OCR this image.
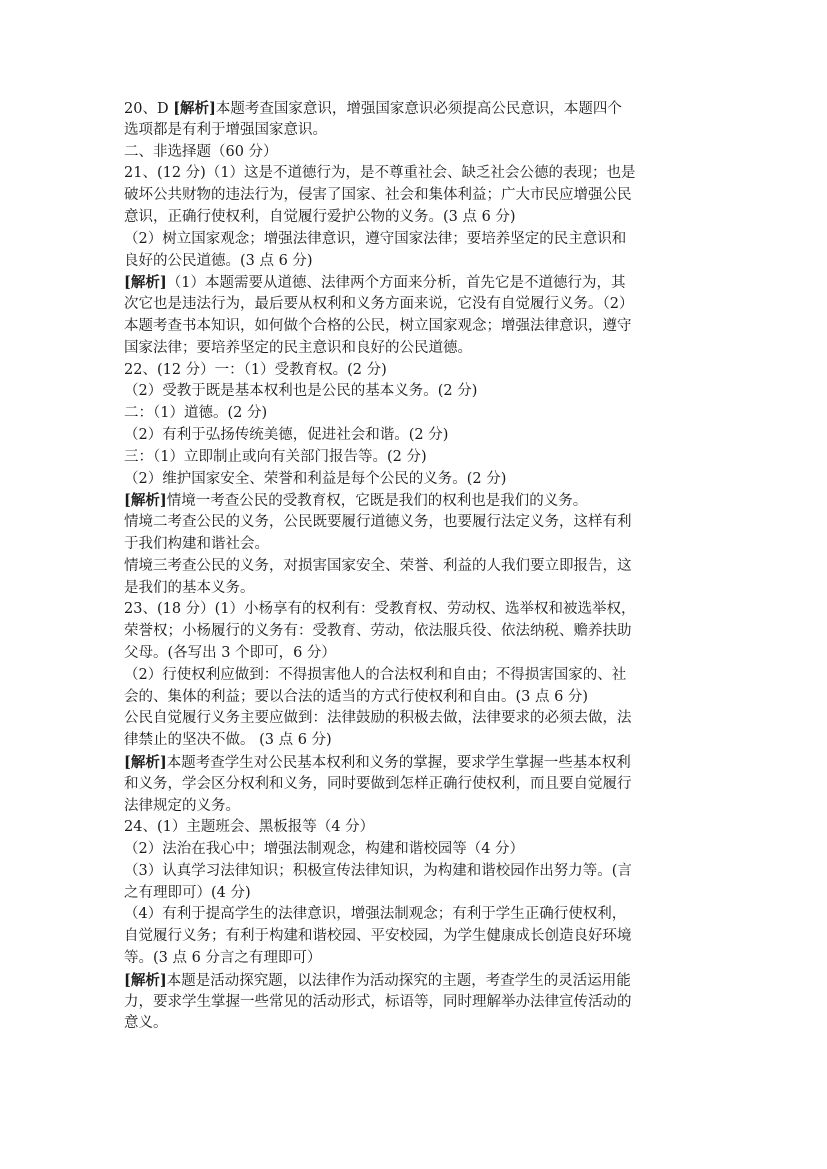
20、D [解析]本题考查国家意识，增强国家意识必须提高公民意识，本题四个
选项都是有利于增强国家意识。
二、非选择题（60 分）
21、(12 分)（1）这是不道德行为，是不尊重社会、缺乏社会公德的表现；也是
破坏公共财物的违法行为，侵害了国家、社会和集体利益；广大市民应增强公民
意识，正确行使权利，自觉履行爱护公物的义务。(3 点 6 分)
（2）树立国家观念；增强法律意识，遵守国家法律；要培养坚定的民主意识和
良好的公民道德。(3 点 6 分)
[解析]（1）本题需要从道德、法律两个方面来分析，首先它是不道德行为，其
次它也是违法行为，最后要从权利和义务方面来说，它没有自觉履行义务。（2）
本题考查书本知识，如何做个合格的公民，树立国家观念；增强法律意识，遵守
国家法律；要培养坚定的民主意识和良好的公民道德。
22、(12 分）一：（1）受教育权。(2 分)
（2）受教于既是基本权利也是公民的基本义务。(2 分)
二：（1）道德。(2 分)
（2）有利于弘扬传统美德，促进社会和谐。(2 分)
三：（1）立即制止或向有关部门报告等。(2 分)
（2）维护国家安全、荣誉和利益是每个公民的义务。(2 分)
[解析]情境一考查公民的受教育权，它既是我们的权利也是我们的义务。
情境二考查公民的义务，公民既要履行道德义务，也要履行法定义务，这样有利
于我们构建和谐社会。
情境三考查公民的义务，对损害国家安全、荣誉、利益的人我们要立即报告，这
是我们的基本义务。
23、(18 分）(1）小杨享有的权利有：受教育权、劳动权、选举权和被选举权，
荣誉权；小杨履行的义务有：受教育、劳动，依法服兵役、依法纳税、赡养扶助
父母。(各写出 3 个即可，6 分）
（2）行使权利应做到：不得损害他人的合法权利和自由；不得损害国家的、社
会的、集体的利益；要以合法的适当的方式行使权利和自由。(3 点 6 分)
公民自觉履行义务主要应做到：法律鼓励的积极去做，法律要求的必须去做，法
律禁止的坚决不做。 (3 点 6 分)
[解析]本题考查学生对公民基本权利和义务的掌握，要求学生掌握一些基本权利
和义务，学会区分权利和义务，同时要做到怎样正确行使权利，而且要自觉履行
法律规定的义务。
24、(1）主题班会、黑板报等（4 分）
（2）法治在我心中；增强法制观念，构建和谐校园等（4 分）
（3）认真学习法律知识；积极宣传法律知识，为构建和谐校园作出努力等。(言
之有理即可）(4 分)
（4）有利于提高学生的法律意识，增强法制观念；有利于学生正确行使权利，
自觉履行义务；有利于构建和谐校园、平安校园，为学生健康成长创造良好环境
等。(3 点 6 分言之有理即可）
[解析]本题是活动探究题，以法律作为活动探究的主题，考查学生的灵活运用能
力，要求学生掌握一些常见的活动形式，标语等，同时理解举办法律宣传活动的
意义。
